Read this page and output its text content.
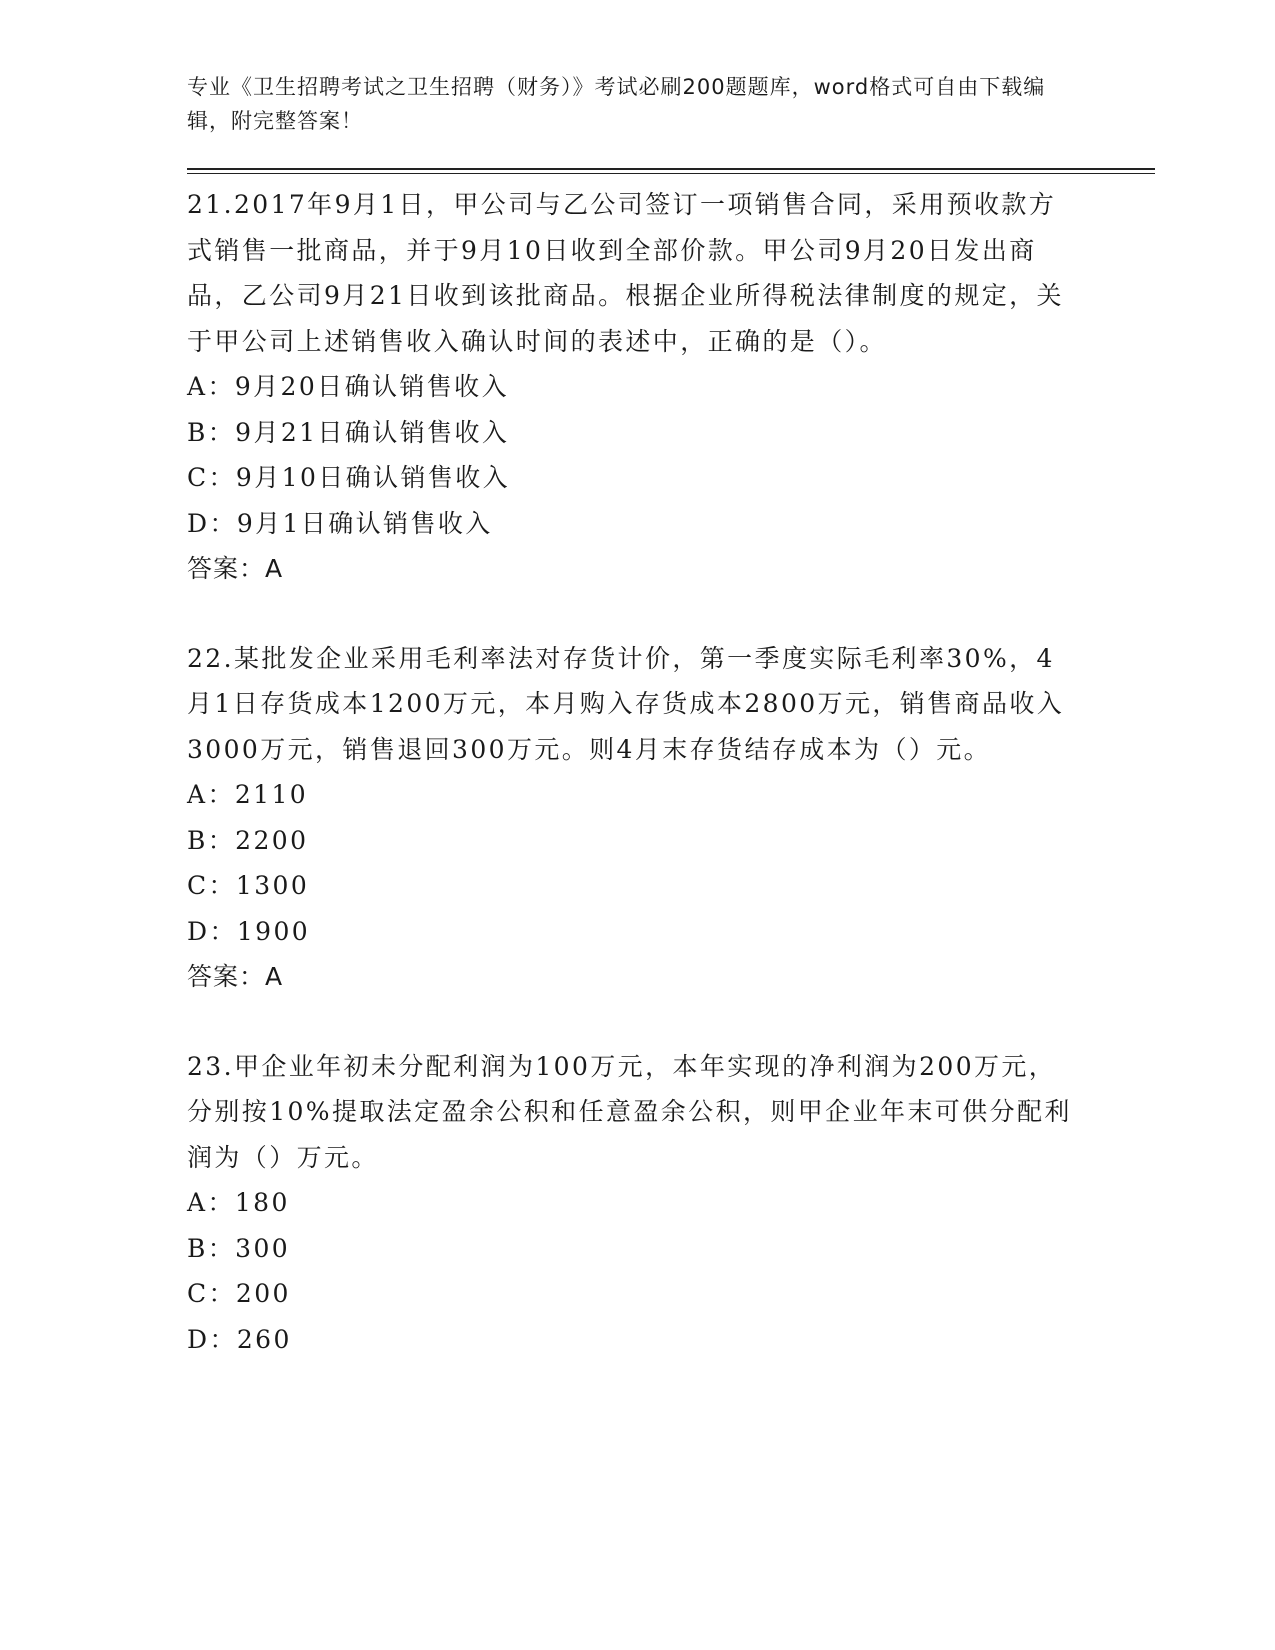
专业《卫生招聘考试之卫生招聘（财务）》考试必刷200题题库，word格式可自由下载编辑，附完整答案！

21.2017年9月1日，甲公司与乙公司签订一项销售合同，采用预收款方式销售一批商品，并于9月10日收到全部价款。甲公司9月20日发出商品，乙公司9月21日收到该批商品。根据企业所得税法律制度的规定，关于甲公司上述销售收入确认时间的表述中，正确的是（）。

A：9月20日确认销售收入

B：9月21日确认销售收入

C：9月10日确认销售收入

D：9月1日确认销售收入

答案：A

22.某批发企业采用毛利率法对存货计价，第一季度实际毛利率30%，4月1日存货成本1200万元，本月购入存货成本2800万元，销售商品收入3000万元，销售退回300万元。则4月末存货结存成本为（）元。

A：2110

B：2200

C：1300

D：1900

答案：A

23.甲企业年初未分配利润为100万元，本年实现的净利润为200万元，分别按10%提取法定盈余公积和任意盈余公积，则甲企业年末可供分配利润为（）万元。

A：180

B：300

C：200

D：260
